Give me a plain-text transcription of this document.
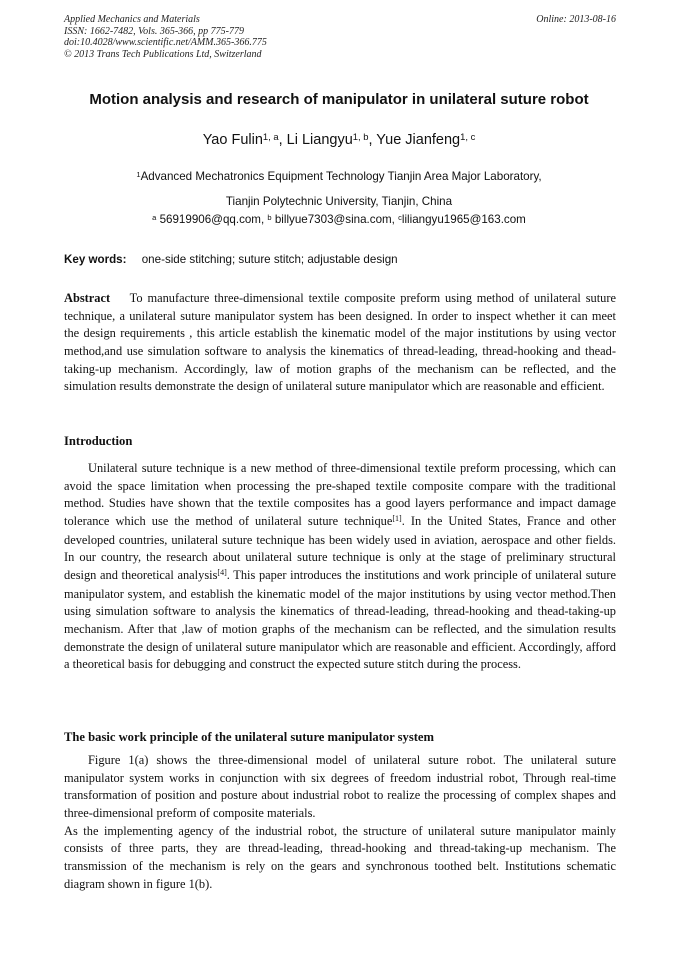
Applied Mechanics and Materials
ISSN: 1662-7482, Vols. 365-366, pp 775-779
doi:10.4028/www.scientific.net/AMM.365-366.775
© 2013 Trans Tech Publications Ltd, Switzerland
Online: 2013-08-16
Motion analysis and research of manipulator in unilateral suture robot
Yao Fulin$^{1, a}$, Li Liangyu$^{1, b}$, Yue Jianfeng$^{1, c}$
$^1$Advanced Mechatronics Equipment Technology Tianjin Area Major Laboratory,
Tianjin Polytechnic University, Tianjin, China
$^a$ 56919906@qq.com, $^b$ billyue7303@sina.com, $^c$liliangyu1965@163.com
Key words: one-side stitching; suture stitch; adjustable design

Abstract To manufacture three-dimensional textile composite preform using method of unilateral suture technique, a unilateral suture manipulator system has been designed. In order to inspect whether it can meet the design requirements , this article establish the kinematic model of the major institutions by using vector method,and use simulation software to analysis the kinematics of thread-leading, thread-hooking and thead-taking-up mechanism. Accordingly, law of motion graphs of the mechanism can be reflected, and the simulation results demonstrate the design of unilateral suture manipulator which are reasonable and efficient.

Introduction

Unilateral suture technique is a new method of three-dimensional textile preform processing, which can avoid the space limitation when processing the pre-shaped textile composite compare with the traditional method. Studies have shown that the textile composites has a good layers performance and impact damage tolerance which use the method of unilateral suture technique[1]. In the United States, France and other developed countries, unilateral suture technique has been widely used in aviation, aerospace and other fields. In our country, the research about unilateral suture technique is only at the stage of preliminary structural design and theoretical analysis[4]. This paper introduces the institutions and work principle of unilateral suture manipulator system, and establish the kinematic model of the major institutions by using vector method.Then using simulation software to analysis the kinematics of thread-leading, thread-hooking and thead-taking-up mechanism. After that ,law of motion graphs of the mechanism can be reflected, and the simulation results demonstrate the design of unilateral suture manipulator which are reasonable and efficient. Accordingly, afford a theoretical basis for debugging and construct the expected suture stitch during the process.

The basic work principle of the unilateral suture manipulator system

Figure 1(a) shows the three-dimensional model of unilateral suture robot. The unilateral suture manipulator system works in conjunction with six degrees of freedom industrial robot, Through real-time transformation of position and posture about industrial robot to realize the processing of complex shapes and three-dimensional preform of composite materials.

As the implementing agency of the industrial robot, the structure of unilateral suture manipulator mainly consists of three parts, they are thread-leading, thread-hooking and thread-taking-up mechanism. The transmission of the mechanism is rely on the gears and synchronous toothed belt. Institutions schematic diagram shown in figure 1(b).
